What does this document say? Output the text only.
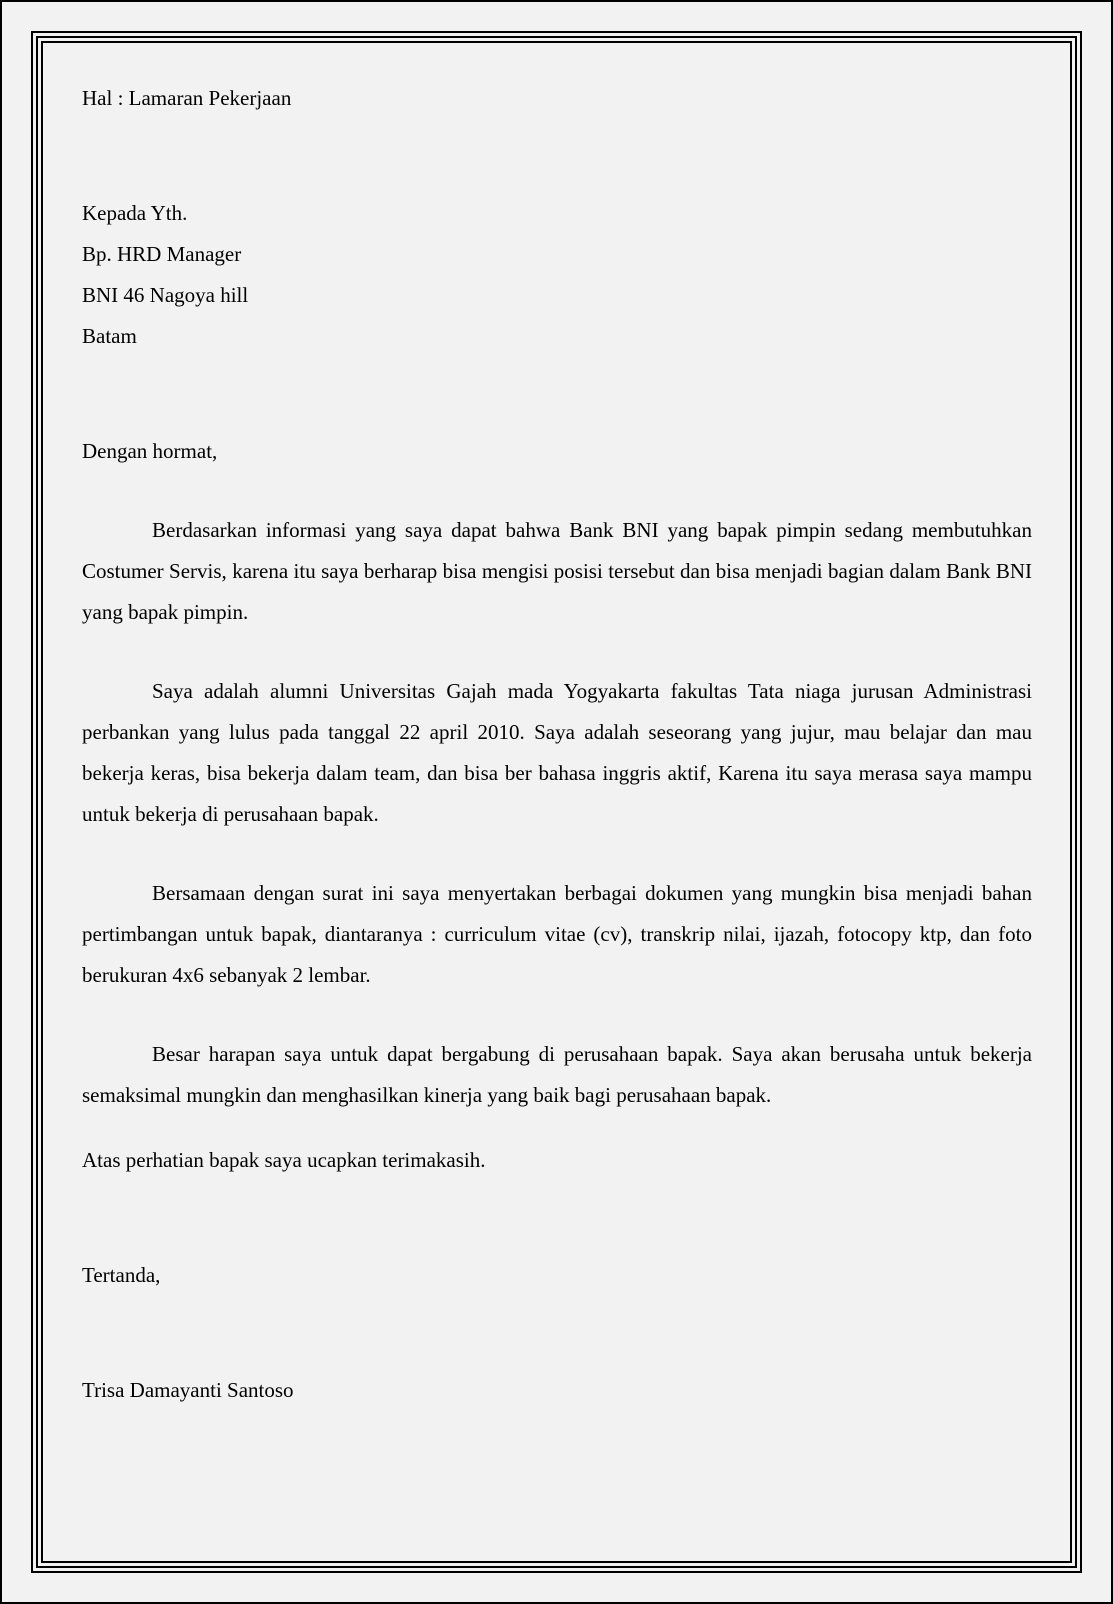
Hal : Lamaran Pekerjaan
Kepada Yth.
Bp. HRD Manager
BNI 46 Nagoya hill
Batam
Dengan hormat,

Berdasarkan informasi yang saya dapat bahwa Bank BNI yang bapak pimpin sedang membutuhkan Costumer Servis, karena itu saya berharap bisa mengisi posisi tersebut dan bisa menjadi bagian dalam Bank BNI yang bapak pimpin.

Saya adalah alumni Universitas Gajah mada Yogyakarta fakultas Tata niaga jurusan Administrasi perbankan yang lulus pada tanggal 22 april 2010. Saya adalah seseorang yang jujur, mau belajar dan mau bekerja keras, bisa bekerja dalam team, dan bisa ber bahasa inggris aktif, Karena itu saya merasa saya mampu untuk bekerja di perusahaan bapak.

Bersamaan dengan surat ini saya menyertakan berbagai dokumen yang mungkin bisa menjadi bahan pertimbangan untuk bapak, diantaranya : curriculum vitae (cv), transkrip nilai, ijazah, fotocopy ktp, dan foto berukuran 4x6 sebanyak 2 lembar.

Besar harapan saya untuk dapat bergabung di perusahaan bapak. Saya akan berusaha untuk bekerja semaksimal mungkin dan menghasilkan kinerja yang baik bagi perusahaan bapak.

Atas perhatian bapak saya ucapkan terimakasih.
Tertanda,
Trisa Damayanti Santoso
